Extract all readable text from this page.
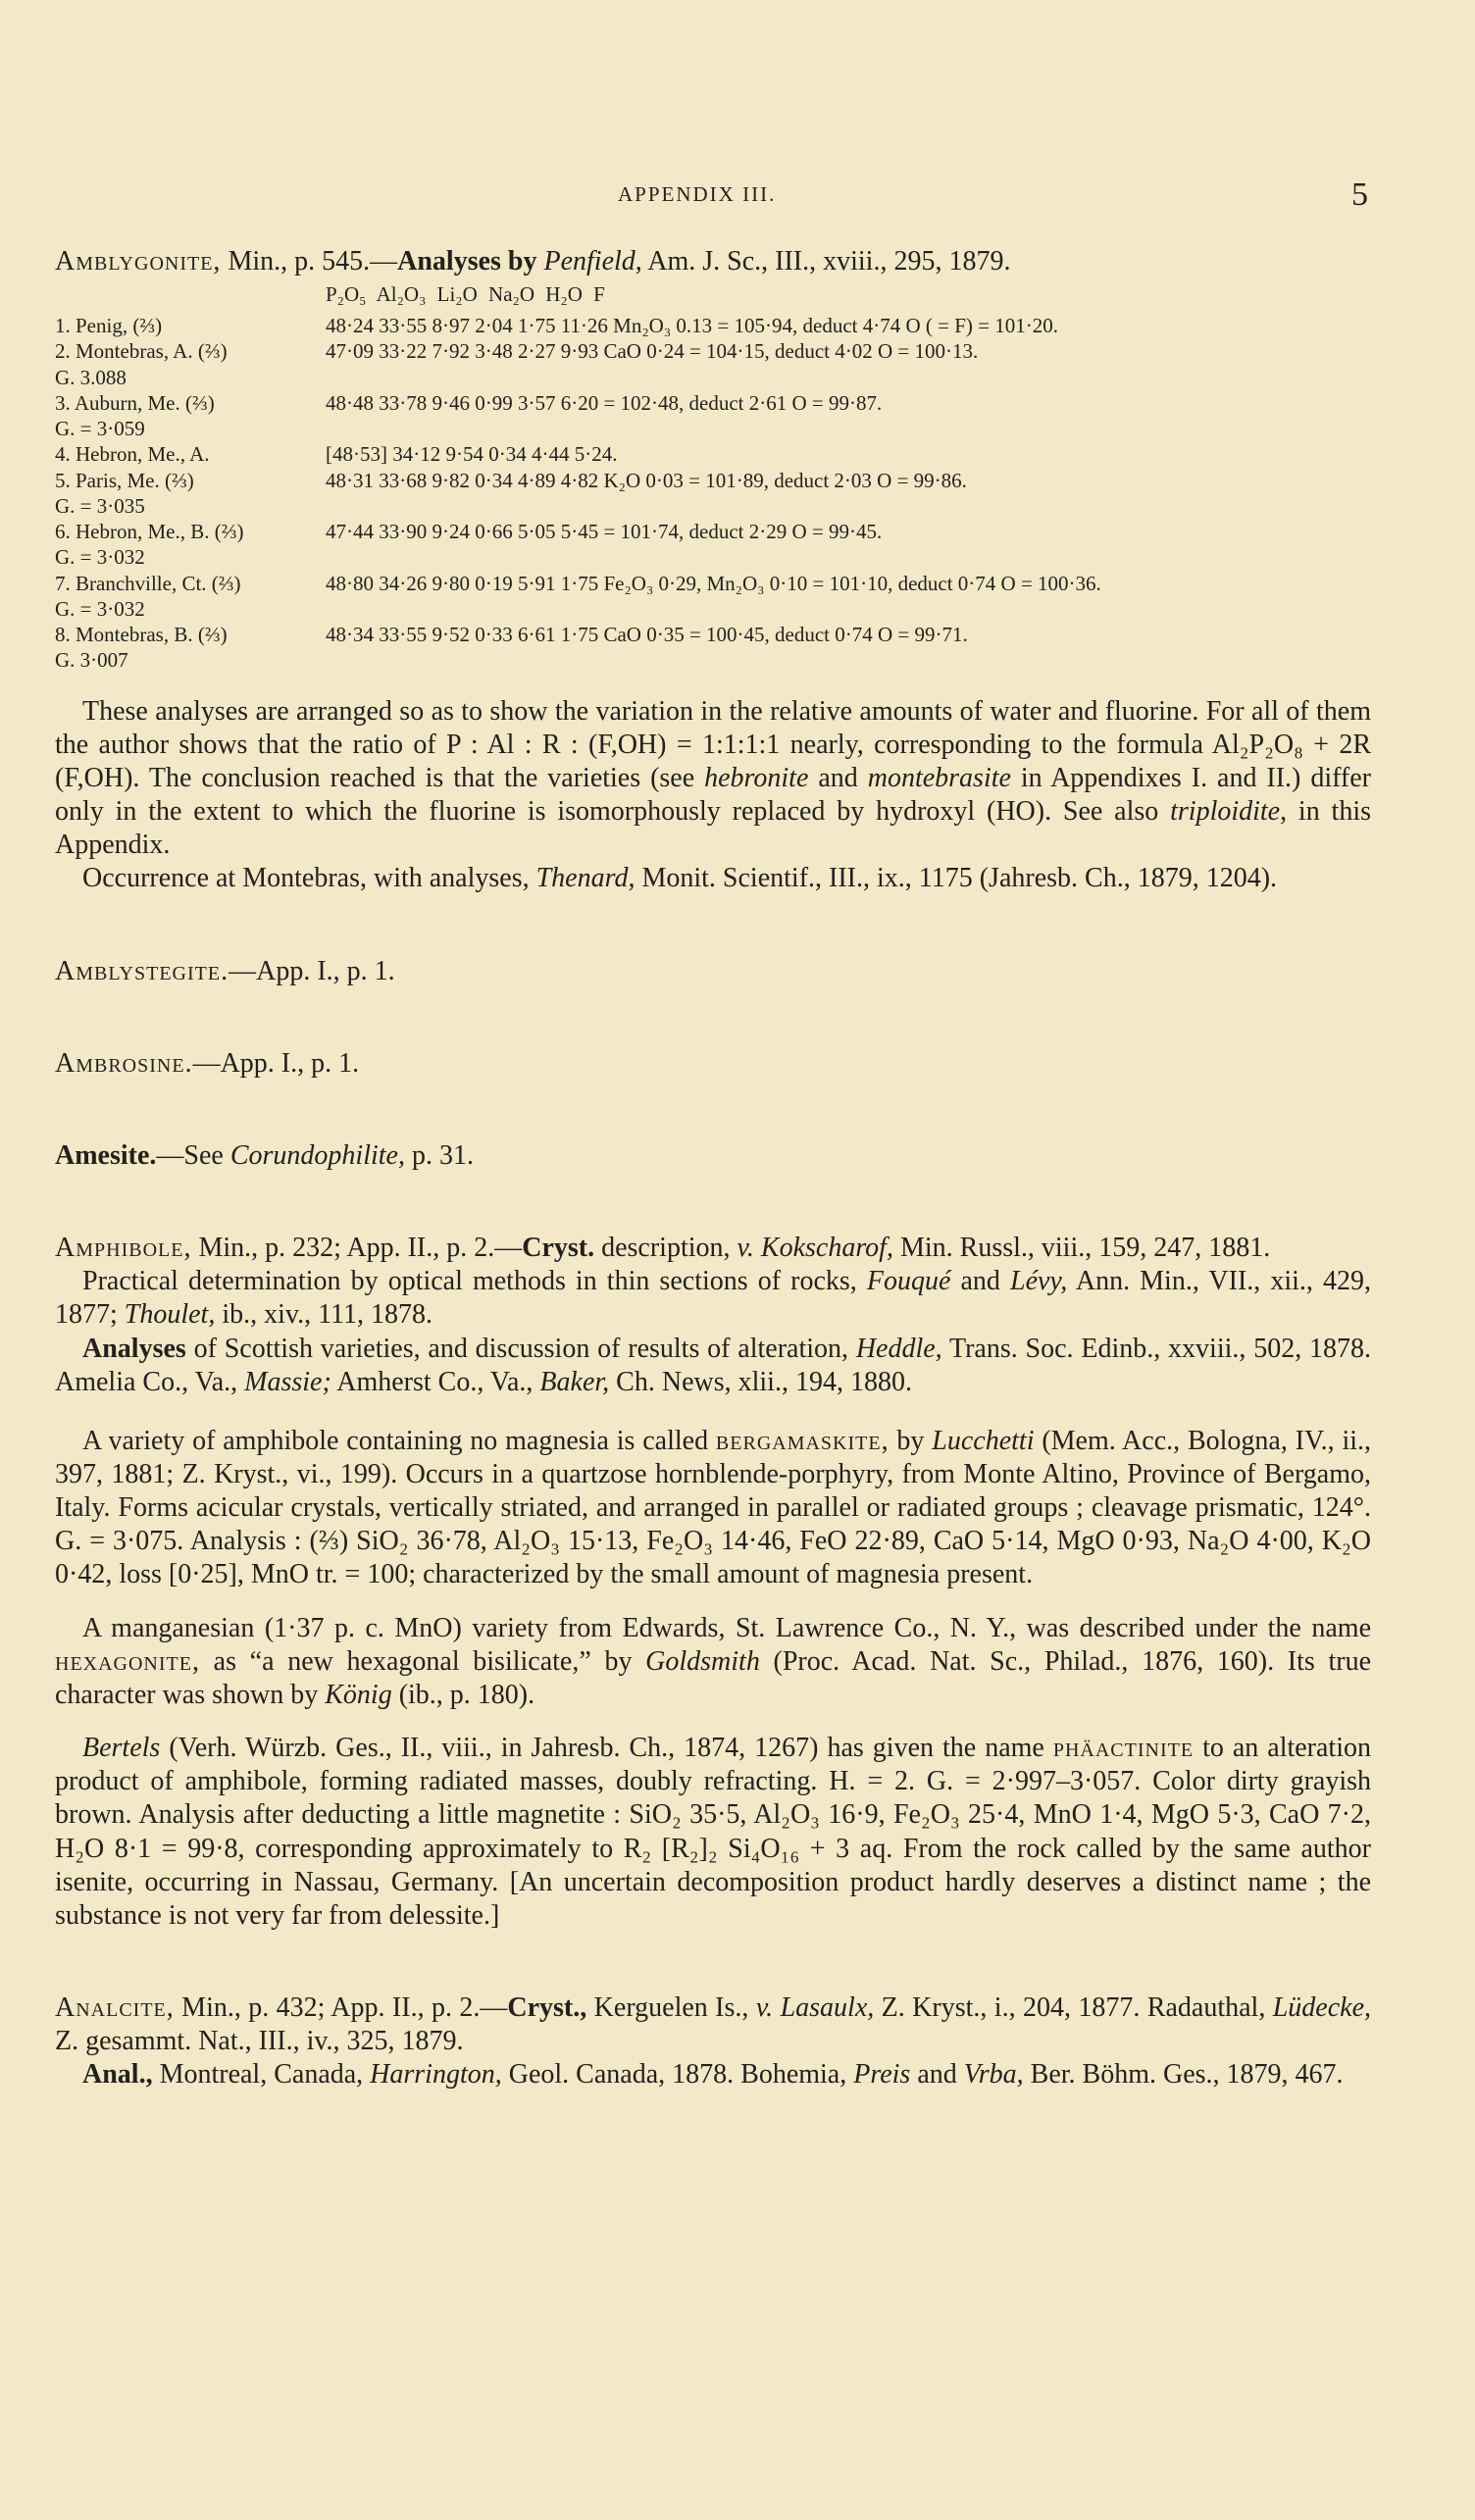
APPENDIX III.	5

Amblygonite, Min., p. 545.—Analyses by Penfield, Am. J. Sc., III., xviii., 295, 1879.

P₂O₅ Al₂O₃ Li₂O Na₂O H₂O F
1. Penig, (⅔)	48·24 33·55 8·97 2·04 1·75 11·26 Mn₂O₃ 0.13 = 105·94, deduct 4·74 O ( = F) = 101·20.
2. Montebras, A. (⅔)	47·09 33·22 7·92 3·48 2·27 9·93 CaO 0·24 = 104·15, deduct 4·02 O = 100·13.
G. 3.088
3. Auburn, Me. (⅔)	48·48 33·78 9·46 0·99 3·57 6·20 = 102·48, deduct 2·61 O = 99·87.
G. = 3·059
4. Hebron, Me., A.	[48·53] 34·12 9·54 0·34 4·44 5·24.
5. Paris, Me. (⅔)	48·31 33·68 9·82 0·34 4·89 4·82 K₂O 0·03 = 101·89, deduct 2·03 O = 99·86.
G. = 3·035
6. Hebron, Me., B. (⅔)	47·44 33·90 9·24 0·66 5·05 5·45 = 101·74, deduct 2·29 O = 99·45.
G. = 3·032
7. Branchville, Ct. (⅔)	48·80 34·26 9·80 0·19 5·91 1·75 Fe₂O₃ 0·29, Mn₂O₃ 0·10 = 101·10, deduct 0·74 O = 100·36.
G. = 3·032
8. Montebras, B. (⅔)	48·34 33·55 9·52 0·33 6·61 1·75 CaO 0·35 = 100·45, deduct 0·74 O = 99·71.
G. 3·007

These analyses are arranged so as to show the variation in the relative amounts of water and fluorine. For all of them the author shows that the ratio of P : Al : R : (F,OH) = 1:1:1:1 nearly, corresponding to the formula Al₂P₂O₈ + 2R (F,OH). The conclusion reached is that the varieties (see hebronite and montebrasite in Appendixes I. and II.) differ only in the extent to which the fluorine is isomorphously replaced by hydroxyl (HO). See also triploidite, in this Appendix.

Occurrence at Montebras, with analyses, Thenard, Monit. Scientif., III., ix., 1175 (Jahresb. Ch., 1879, 1204).

Amblystegite.—App. I., p. 1.

Ambrosine.—App. I., p. 1.

Amesite.—See Corundophilite, p. 31.

Amphibole, Min., p. 232; App. II., p. 2.—Cryst. description, v. Kokscharof, Min. Russl., viii., 159, 247, 1881.

Practical determination by optical methods in thin sections of rocks, Fouqué and Lévy, Ann. Min., VII., xii., 429, 1877; Thoulet, ib., xiv., 111, 1878.

Analyses of Scottish varieties, and discussion of results of alteration, Heddle, Trans. Soc. Edinb., xxviii., 502, 1878. Amelia Co., Va., Massie; Amherst Co., Va., Baker, Ch. News, xlii., 194, 1880.

A variety of amphibole containing no magnesia is called bergamaskite, by Lucchetti (Mem. Acc., Bologna, IV., ii., 397, 1881; Z. Kryst., vi., 199). Occurs in a quartzose hornblende-porphyry, from Monte Altino, Province of Bergamo, Italy. Forms acicular crystals, vertically striated, and arranged in parallel or radiated groups ; cleavage prismatic, 124°. G. = 3·075. Analysis : (⅔) SiO₂ 36·78, Al₂O₃ 15·13, Fe₂O₃ 14·46, FeO 22·89, CaO 5·14, MgO 0·93, Na₂O 4·00, K₂O 0·42, loss [0·25], MnO tr. = 100; characterized by the small amount of magnesia present.

A manganesian (1·37 p. c. MnO) variety from Edwards, St. Lawrence Co., N. Y., was described under the name hexagonite, as “a new hexagonal bisilicate,” by Goldsmith (Proc. Acad. Nat. Sc., Philad., 1876, 160). Its true character was shown by König (ib., p. 180).

Bertels (Verh. Würzb. Ges., II., viii., in Jahresb. Ch., 1874, 1267) has given the name phäactinite to an alteration product of amphibole, forming radiated masses, doubly refracting. H. = 2. G. = 2·997–3·057. Color dirty grayish brown. Analysis after deducting a little magnetite : SiO₂ 35·5, Al₂O₃ 16·9, Fe₂O₃ 25·4, MnO 1·4, MgO 5·3, CaO 7·2, H₂O 8·1 = 99·8, corresponding approximately to R₂ [R₂]₂ Si₄O₁₆ + 3 aq. From the rock called by the same author isenite, occurring in Nassau, Germany. [An uncertain decomposition product hardly deserves a distinct name ; the substance is not very far from delessite.]

Analcite, Min., p. 432; App. II., p. 2.—Cryst., Kerguelen Is., v. Lasaulx, Z. Kryst., i., 204, 1877. Radauthal, Lüdecke, Z. gesammt. Nat., III., iv., 325, 1879.

Anal., Montreal, Canada, Harrington, Geol. Canada, 1878. Bohemia, Preis and Vrba, Ber. Böhm. Ges., 1879, 467.
